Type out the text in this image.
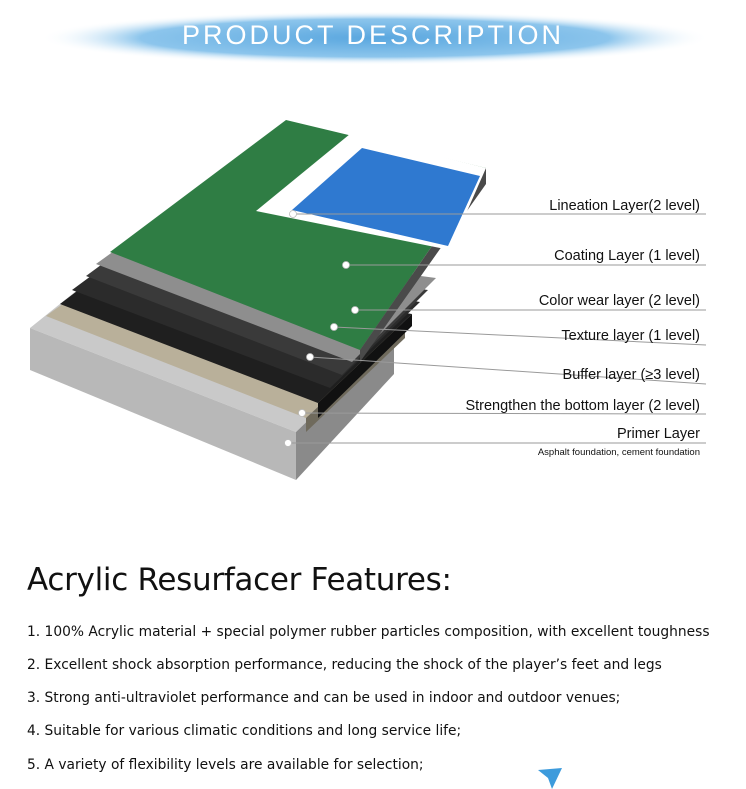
PRODUCT DESCRIPTION
Lineation Layer(2 level)
Coating Layer (1 level)
Color wear layer (2 level)
Texture layer (1 level)
Buffer layer (≥3 level)
Strengthen the bottom layer (2 level)
Primer Layer
Asphalt foundation, cement foundation
Acrylic Resurfacer Features:
1. 100% Acrylic material + special polymer rubber particles composition, with excellent toughness
2. Excellent shock absorption performance, reducing the shock of the player’s feet and legs
3. Strong anti-ultraviolet performance and can be used in indoor and outdoor venues;
4. Suitable for various climatic conditions and long service life;
5. A variety of flexibility levels are available for selection;
